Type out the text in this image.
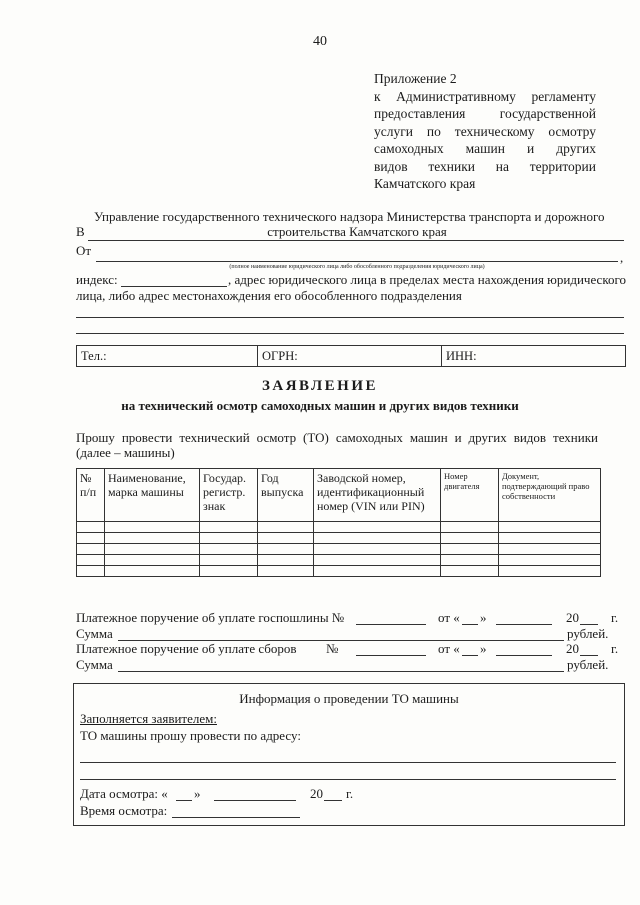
40
Приложение 2
к Административному регламенту
предоставления государственной
услуги по техническому осмотру
самоходных машин и других
видов техники на территории
Камчатского края
Управление государственного технического надзора Министерства транспорта и дорожного
В	строительства Камчатского края
От	,
(полное наименование юридического лица либо обособленного подразделения юридического лица)
индекс:	, адрес юридического лица в пределах места нахождения юридического
лица, либо адрес местонахождения его обособленного подразделения
Тел.:	ОГРН:	ИНН:
ЗАЯВЛЕНИЕ
на технический осмотр самоходных машин и других видов техники
Прошу провести технический осмотр (ТО) самоходных машин и других видов техники
(далее – машины)
№ п/п	Наименование, марка машины	Государ. регистр. знак	Год выпуска	Заводской номер, идентификационный номер (VIN или PIN)	Номер двигателя	Документ, подтверждающий право собственности

Платежное поручение об уплате госпошлины №	от « »	20 г.
Сумма	рублей.
Платежное поручение об уплате сборов №	от « »	20 г.
Сумма	рублей.
Информация о проведении ТО машины
Заполняется заявителем:
ТО машины прошу провести по адресу:
Дата осмотра: « »	20 г.
Время осмотра:
